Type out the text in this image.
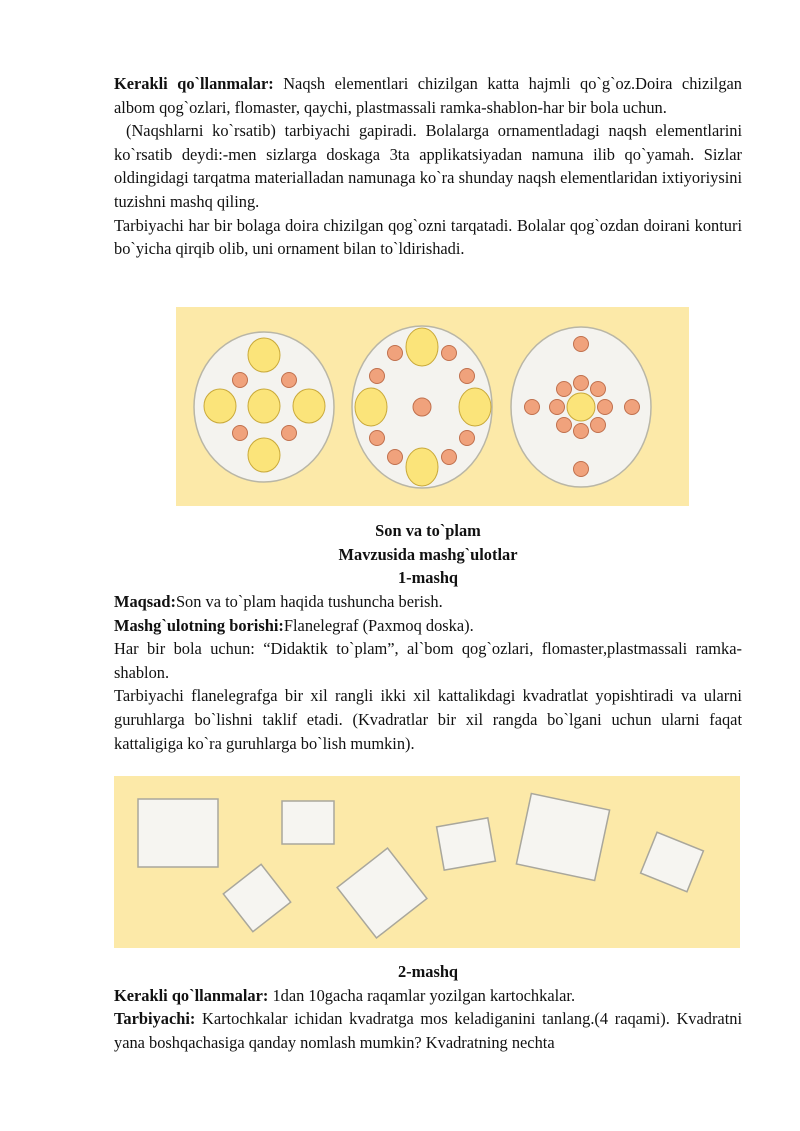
Kerakli qo`llanmalar: Naqsh elementlari chizilgan katta hajmli qo`g`oz.Doira chizilgan albom qog`ozlari, flomaster, qaychi, plastmassali ramka-shablon-har bir bola uchun.

(Naqshlarni ko`rsatib) tarbiyachi gapiradi. Bolalarga ornamentladagi naqsh elementlarini ko`rsatib deydi:-men sizlarga doskaga 3ta applikatsiyadan namuna ilib qo`yamah. Sizlar oldingidagi tarqatma materialladan namunaga ko`ra shunday naqsh elementlaridan ixtiyoriysini tuzishni mashq qiling.

Tarbiyachi har bir bolaga doira chizilgan qog`ozni tarqatadi. Bolalar qog`ozdan doirani konturi bo`yicha qirqib olib, uni ornament bilan to`ldirishadi.

Son va to`plam

Mavzusida mashg`ulotlar

1-mashq

Maqsad:Son va to`plam haqida tushuncha berish.

Mashg`ulotning borishi:Flanelegraf (Paxmoq doska).

Har bir bola uchun: “Didaktik to`plam”, al`bom qog`ozlari, flomaster,plastmassali ramka-shablon.

Tarbiyachi flanelegrafga bir xil rangli ikki xil kattalikdagi kvadratlat yopishtiradi va ularni guruhlarga bo`lishni taklif etadi. (Kvadratlar bir xil rangda bo`lgani uchun ularni faqat kattaligiga ko`ra guruhlarga bo`lish mumkin).

2-mashq

Kerakli qo`llanmalar: 1dan 10gacha raqamlar yozilgan kartochkalar.

Tarbiyachi: Kartochkalar ichidan kvadratga mos keladiganini tanlang.(4 raqami). Kvadratni yana boshqachasiga qanday nomlash mumkin? Kvadratning nechta
